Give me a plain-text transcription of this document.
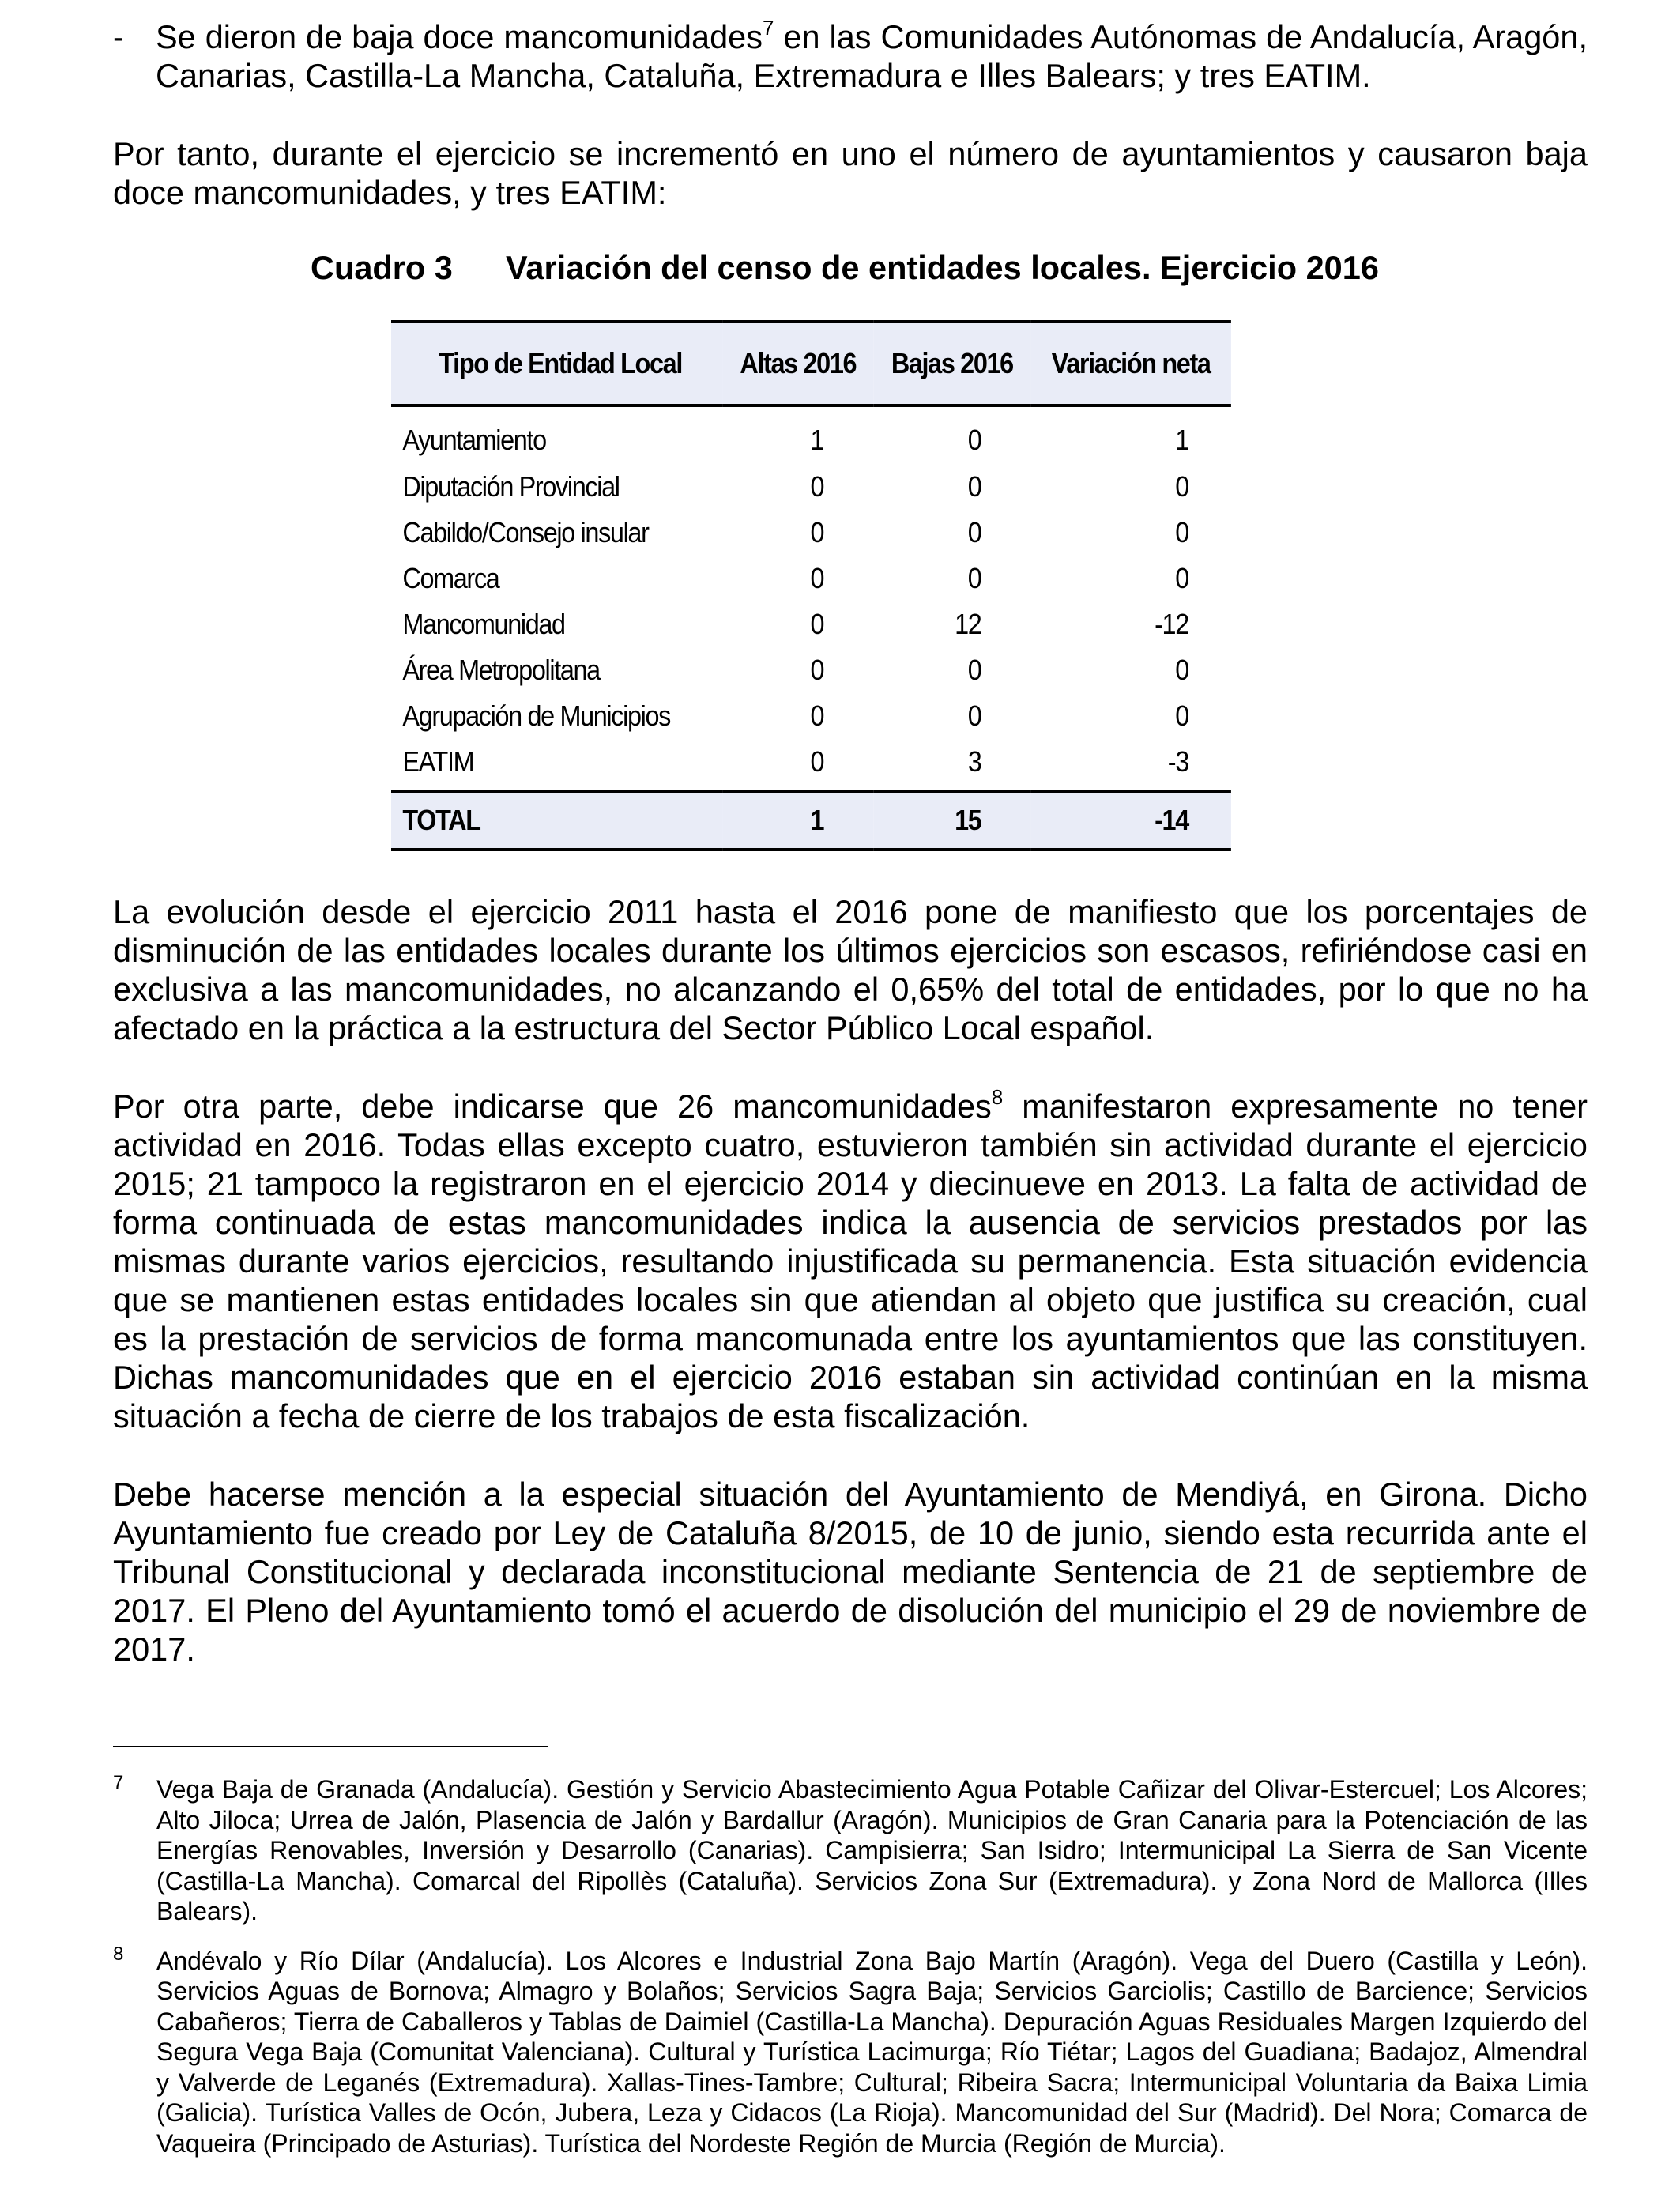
- Se dieron de baja doce mancomunidades$^7$ en las Comunidades Autónomas de Andalucía, Aragón, Canarias, Castilla-La Mancha, Cataluña, Extremadura e Illes Balears; y tres EATIM.

Por tanto, durante el ejercicio se incrementó en uno el número de ayuntamientos y causaron baja doce mancomunidades, y tres EATIM:

Cuadro 3 Variación del censo de entidades locales. Ejercicio 2016
Tipo de Entidad Local	Altas 2016	Bajas 2016	Variación neta
Ayuntamiento	1	0	1
Diputación Provincial	0	0	0
Cabildo/Consejo insular	0	0	0
Comarca	0	0	0
Mancomunidad	0	12	-12
Área Metropolitana	0	0	0
Agrupación de Municipios	0	0	0
EATIM	0	3	-3
TOTAL	1	15	-14

La evolución desde el ejercicio 2011 hasta el 2016 pone de manifiesto que los porcentajes de disminución de las entidades locales durante los últimos ejercicios son escasos, refiriéndose casi en exclusiva a las mancomunidades, no alcanzando el 0,65% del total de entidades, por lo que no ha afectado en la práctica a la estructura del Sector Público Local español.

Por otra parte, debe indicarse que 26 mancomunidades$^8$ manifestaron expresamente no tener actividad en 2016. Todas ellas excepto cuatro, estuvieron también sin actividad durante el ejercicio 2015; 21 tampoco la registraron en el ejercicio 2014 y diecinueve en 2013. La falta de actividad de forma continuada de estas mancomunidades indica la ausencia de servicios prestados por las mismas durante varios ejercicios, resultando injustificada su permanencia. Esta situación evidencia que se mantienen estas entidades locales sin que atiendan al objeto que justifica su creación, cual es la prestación de servicios de forma mancomunada entre los ayuntamientos que las constituyen. Dichas mancomunidades que en el ejercicio 2016 estaban sin actividad continúan en la misma situación a fecha de cierre de los trabajos de esta fiscalización.

Debe hacerse mención a la especial situación del Ayuntamiento de Mendiyá, en Girona. Dicho Ayuntamiento fue creado por Ley de Cataluña 8/2015, de 10 de junio, siendo esta recurrida ante el Tribunal Constitucional y declarada inconstitucional mediante Sentencia de 21 de septiembre de 2017. El Pleno del Ayuntamiento tomó el acuerdo de disolución del municipio el 29 de noviembre de 2017.

7 Vega Baja de Granada (Andalucía). Gestión y Servicio Abastecimiento Agua Potable Cañizar del Olivar-Estercuel; Los Alcores; Alto Jiloca; Urrea de Jalón, Plasencia de Jalón y Bardallur (Aragón). Municipios de Gran Canaria para la Potenciación de las Energías Renovables, Inversión y Desarrollo (Canarias). Campisierra; San Isidro; Intermunicipal La Sierra de San Vicente (Castilla-La Mancha). Comarcal del Ripollès (Cataluña). Servicios Zona Sur (Extremadura). y Zona Nord de Mallorca (Illes Balears).

8 Andévalo y Río Dílar (Andalucía). Los Alcores e Industrial Zona Bajo Martín (Aragón). Vega del Duero (Castilla y León). Servicios Aguas de Bornova; Almagro y Bolaños; Servicios Sagra Baja; Servicios Garciolis; Castillo de Barcience; Servicios Cabañeros; Tierra de Caballeros y Tablas de Daimiel (Castilla-La Mancha). Depuración Aguas Residuales Margen Izquierdo del Segura Vega Baja (Comunitat Valenciana). Cultural y Turística Lacimurga; Río Tiétar; Lagos del Guadiana; Badajoz, Almendral y Valverde de Leganés (Extremadura). Xallas-Tines-Tambre; Cultural; Ribeira Sacra; Intermunicipal Voluntaria da Baixa Limia (Galicia). Turística Valles de Ocón, Jubera, Leza y Cidacos (La Rioja). Mancomunidad del Sur (Madrid). Del Nora; Comarca de Vaqueira (Principado de Asturias). Turística del Nordeste Región de Murcia (Región de Murcia).
